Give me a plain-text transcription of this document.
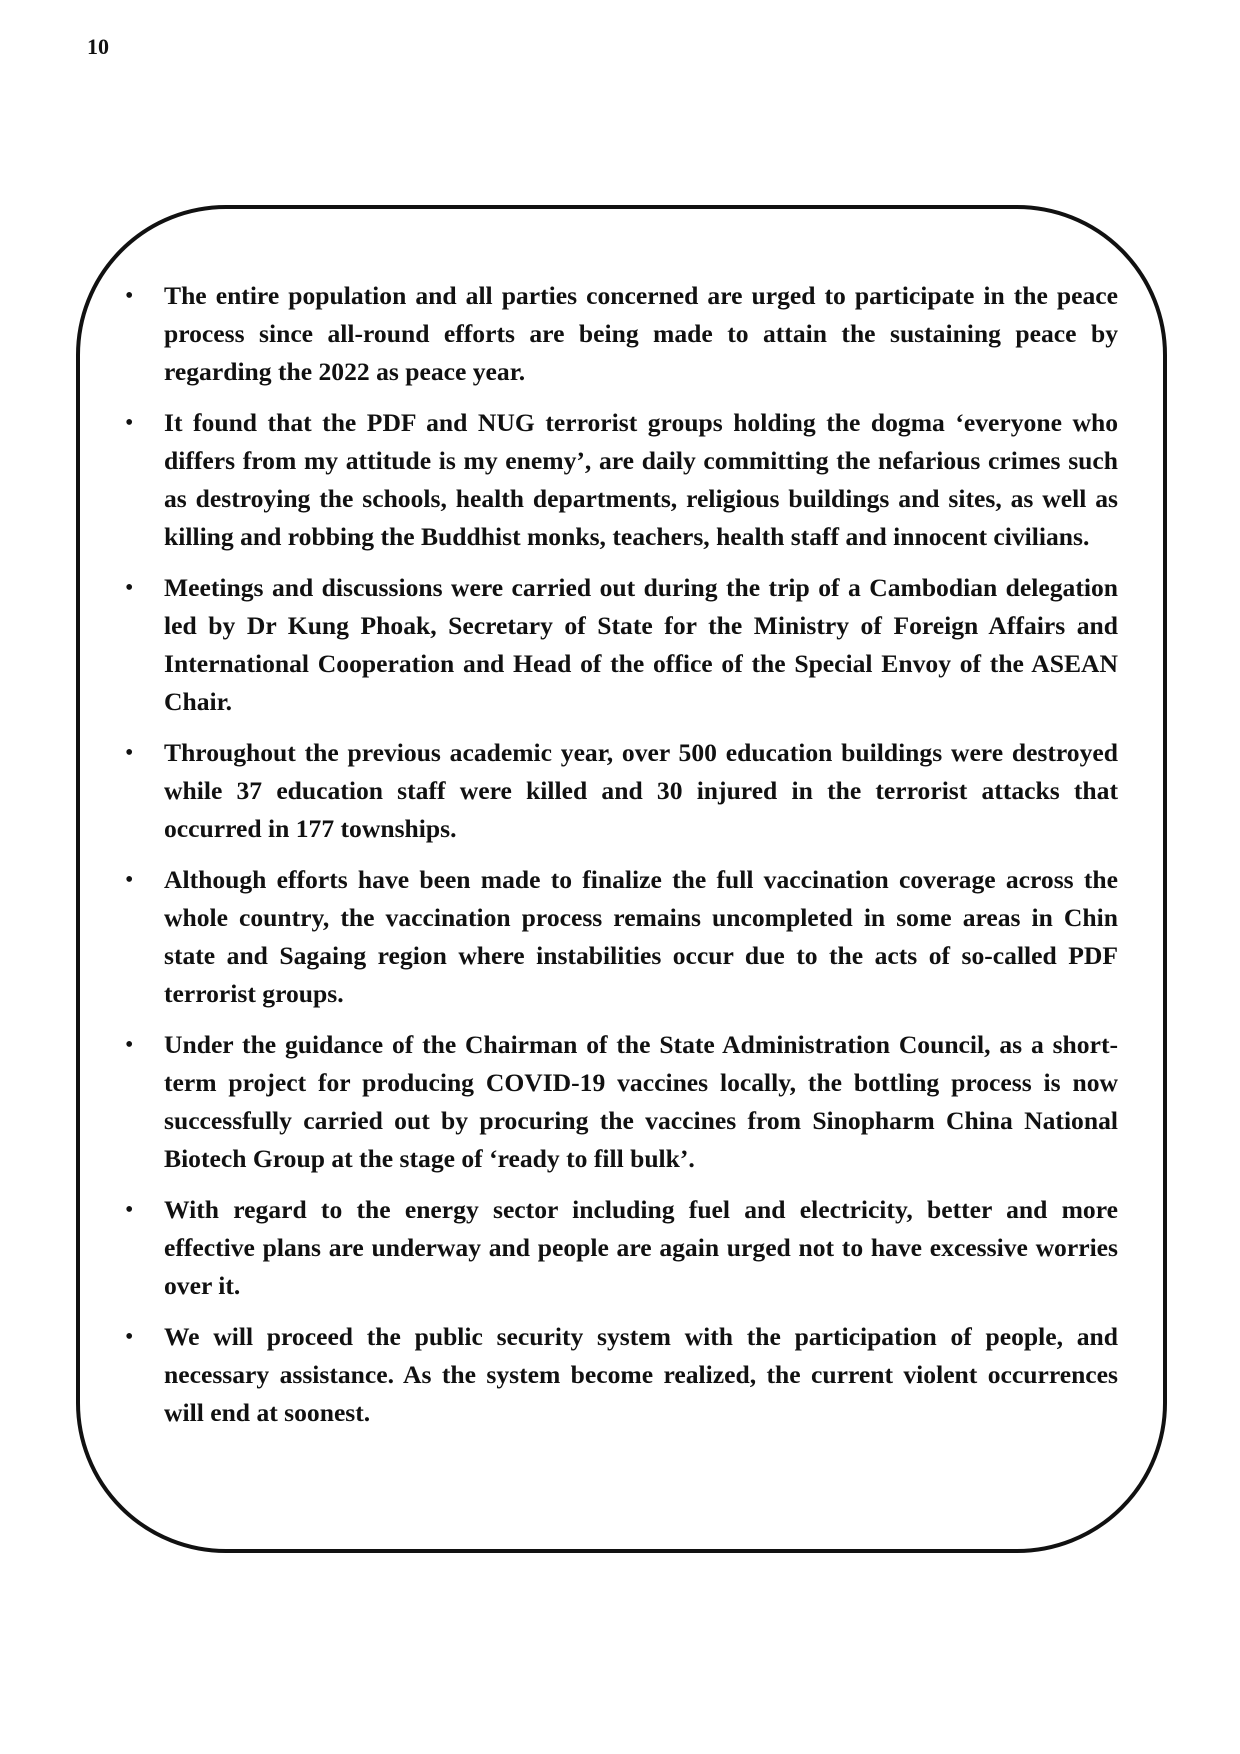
10
• The entire population and all parties concerned are urged to participate in the peace process since all-round efforts are being made to attain the sustaining peace by regarding the 2022 as peace year.
• It found that the PDF and NUG terrorist groups holding the dogma ‘everyone who differs from my attitude is my enemy’, are daily committing the nefarious crimes such as destroying the schools, health departments, religious buildings and sites, as well as killing and robbing the Buddhist monks, teachers, health staff and innocent civilians.
• Meetings and discussions were carried out during the trip of a Cambodian delegation led by Dr Kung Phoak, Secretary of State for the Ministry of Foreign Affairs and International Cooperation and Head of the office of the Special Envoy of the ASEAN Chair.
• Throughout the previous academic year, over 500 education buildings were destroyed while 37 education staff were killed and 30 injured in the terrorist attacks that occurred in 177 townships.
• Although efforts have been made to finalize the full vaccination coverage across the whole country, the vaccination process remains uncompleted in some areas in Chin state and Sagaing region where instabilities occur due to the acts of so-called PDF terrorist groups.
• Under the guidance of the Chairman of the State Administration Council, as a short-term project for producing COVID-19 vaccines locally, the bottling process is now successfully carried out by procuring the vaccines from Sinopharm China National Biotech Group at the stage of ‘ready to fill bulk’.
• With regard to the energy sector including fuel and electricity, better and more effective plans are underway and people are again urged not to have excessive worries over it.
• We will proceed the public security system with the participation of people, and necessary assistance. As the system become realized, the current violent occurrences will end at soonest.
